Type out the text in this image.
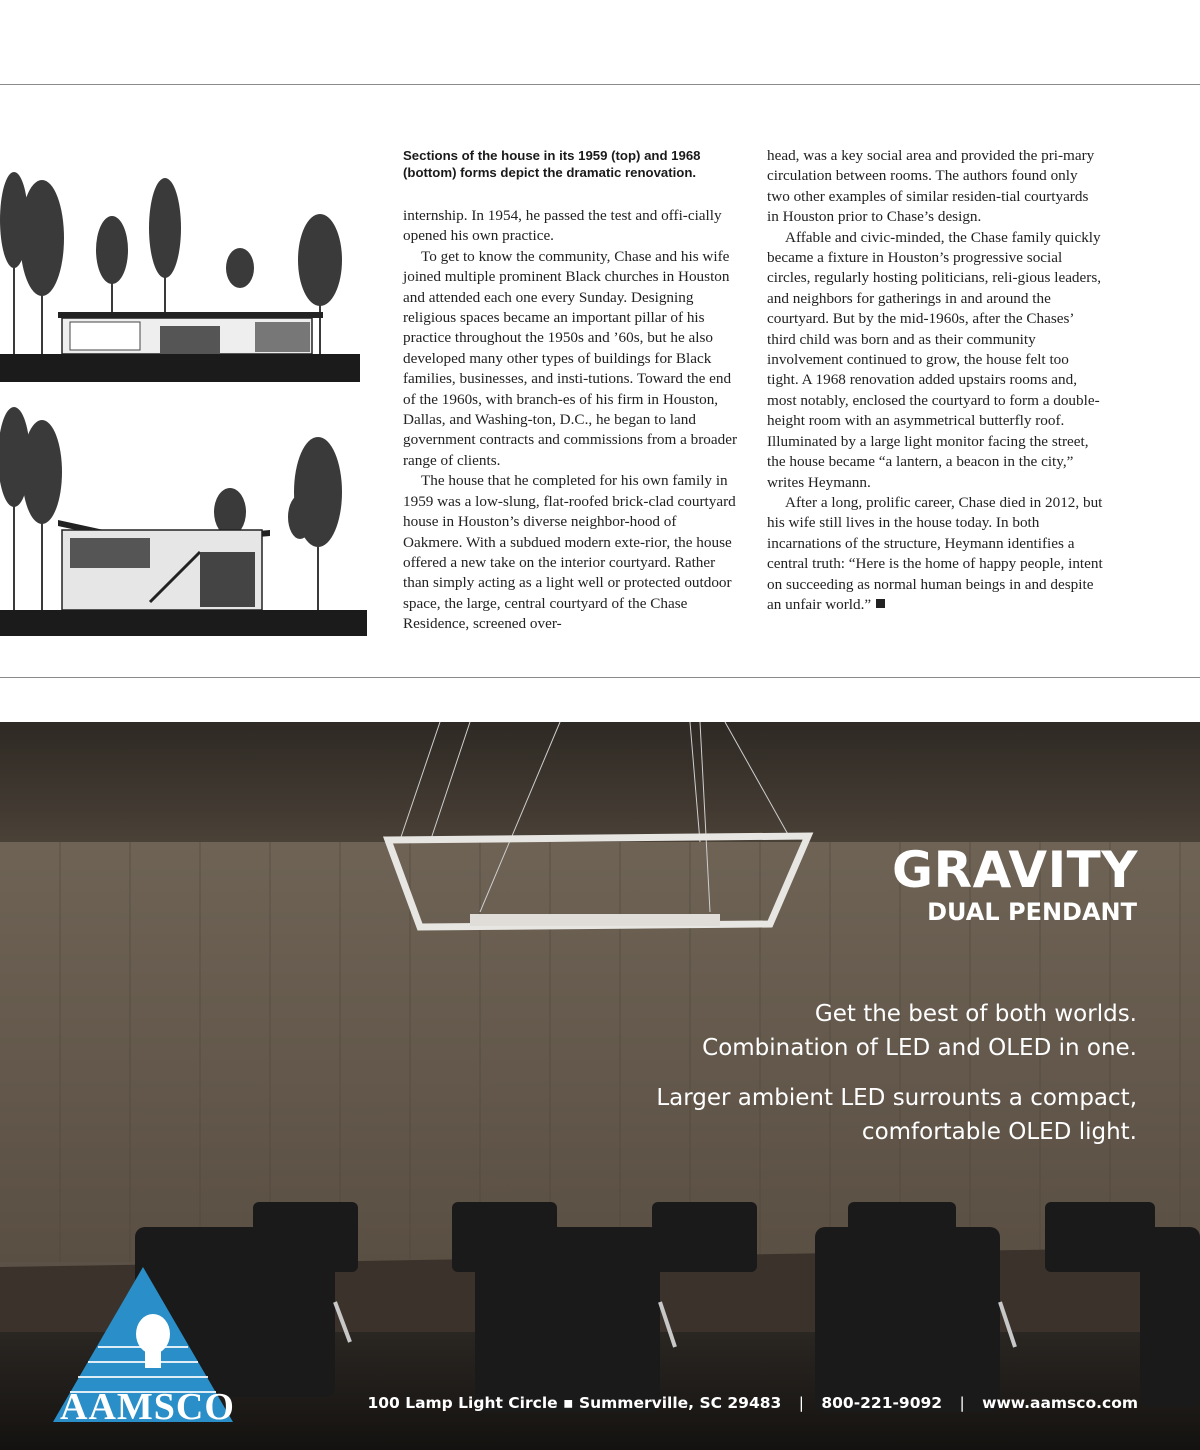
Sections of the house in its 1959 (top) and 1968 (bottom) forms depict the dramatic renovation.

internship. In 1954, he passed the test and offi-cially opened his own practice.

To get to know the community, Chase and his wife joined multiple prominent Black churches in Houston and attended each one every Sunday. Designing religious spaces became an important pillar of his practice throughout the 1950s and ’60s, but he also developed many other types of buildings for Black families, businesses, and insti-tutions. Toward the end of the 1960s, with branch-es of his firm in Houston, Dallas, and Washing-ton, D.C., he began to land government contracts and commissions from a broader range of clients.

The house that he completed for his own family in 1959 was a low-slung, flat-roofed brick-clad courtyard house in Houston’s diverse neighbor-hood of Oakmere. With a subdued modern exte-rior, the house offered a new take on the interior courtyard. Rather than simply acting as a light well or protected outdoor space, the large, central courtyard of the Chase Residence, screened over-

head, was a key social area and provided the pri-mary circulation between rooms. The authors found only two other examples of similar residen-tial courtyards in Houston prior to Chase’s design.

Affable and civic-minded, the Chase family quickly became a fixture in Houston’s progressive social circles, regularly hosting politicians, reli-gious leaders, and neighbors for gatherings in and around the courtyard. But by the mid-1960s, after the Chases’ third child was born and as their community involvement continued to grow, the house felt too tight. A 1968 renovation added upstairs rooms and, most notably, enclosed the courtyard to form a double-height room with an asymmetrical butterfly roof. Illuminated by a large light monitor facing the street, the house became “a lantern, a beacon in the city,” writes Heymann.

After a long, prolific career, Chase died in 2012, but his wife still lives in the house today. In both incarnations of the structure, Heymann identifies a central truth: “Here is the home of happy people, intent on succeeding as normal human beings in and despite an unfair world.”

GRAVITY
DUAL PENDANT
Get the best of both worlds.
Combination of LED and OLED in one.
Larger ambient LED surrounts a compact,
comfortable OLED light.
AAMSCO	100 Lamp Light Circle ▪ Summerville, SC 29483 | 800-221-9092 | www.aamsco.com
